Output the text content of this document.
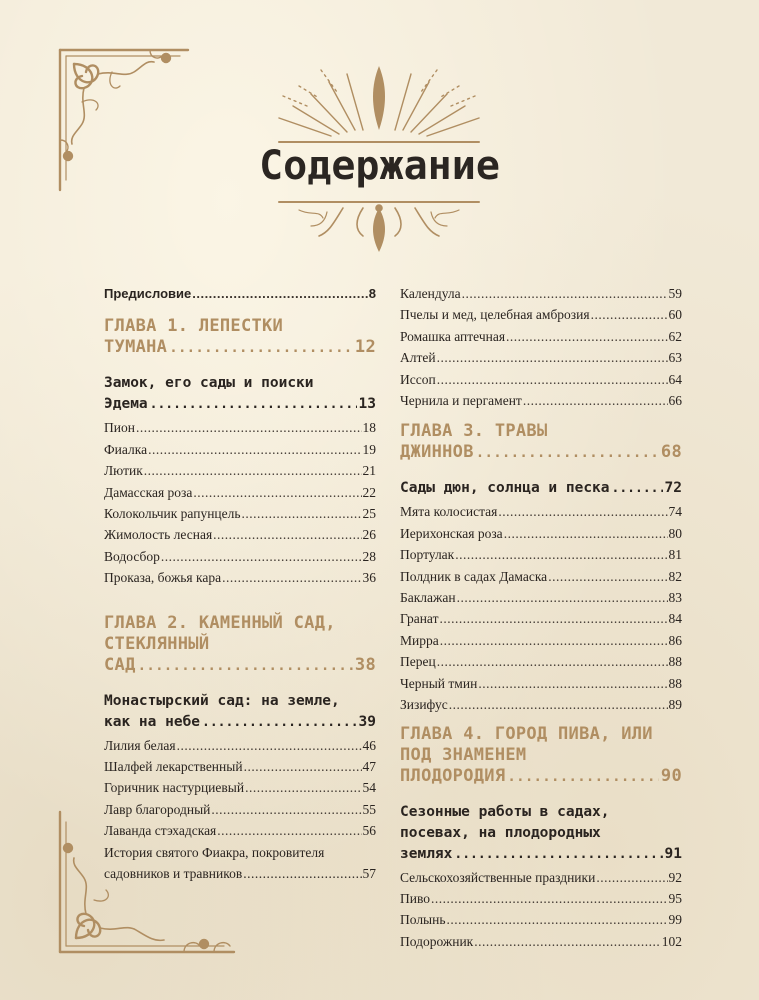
Содержание
Предисловие .....	8
ГЛАВА 1. ЛЕПЕСТКИ
ТУМАНА .....	12
Замок, его сады и поиски
Эдема .....	13
Пион .....	18
Фиалка .....	19
Лютик .....	21
Дамасская роза .....	22
Колокольчик рапунцель .....	25
Жимолость лесная .....	26
Водосбор .....	28
Проказа, божья кара .....	36
ГЛАВА 2. КАМЕННЫЙ САД,
СТЕКЛЯННЫЙ
САД .....	38
Монастырский сад: на земле,
как на небе .....	39
Лилия белая .....	46
Шалфей лекарственный .....	47
Горичник настурциевый .....	54
Лавр благородный .....	55
Лаванда стэхадская .....	56
История святого Фиакра, покровителя
садовников и травников .....	57
Календула .....	59
Пчелы и мед, целебная амброзия .....	60
Ромашка аптечная .....	62
Алтей .....	63
Иссоп .....	64
Чернила и пергамент .....	66
ГЛАВА 3. ТРАВЫ
ДЖИННОВ .....	68
Сады дюн, солнца и песка .....	72
Мята колосистая .....	74
Иерихонская роза .....	80
Портулак .....	81
Полдник в садах Дамаска .....	82
Баклажан .....	83
Гранат .....	84
Мирра .....	86
Перец .....	88
Черный тмин .....	88
Зизифус .....	89
ГЛАВА 4. ГОРОД ПИВА, ИЛИ
ПОД ЗНАМЕНЕМ
ПЛОДОРОДИЯ .....	90
Сезонные работы в садах,
посевах, на плодородных
землях .....	91
Сельскохозяйственные праздники .....	92
Пиво .....	95
Полынь .....	99
Подорожник .....	102
